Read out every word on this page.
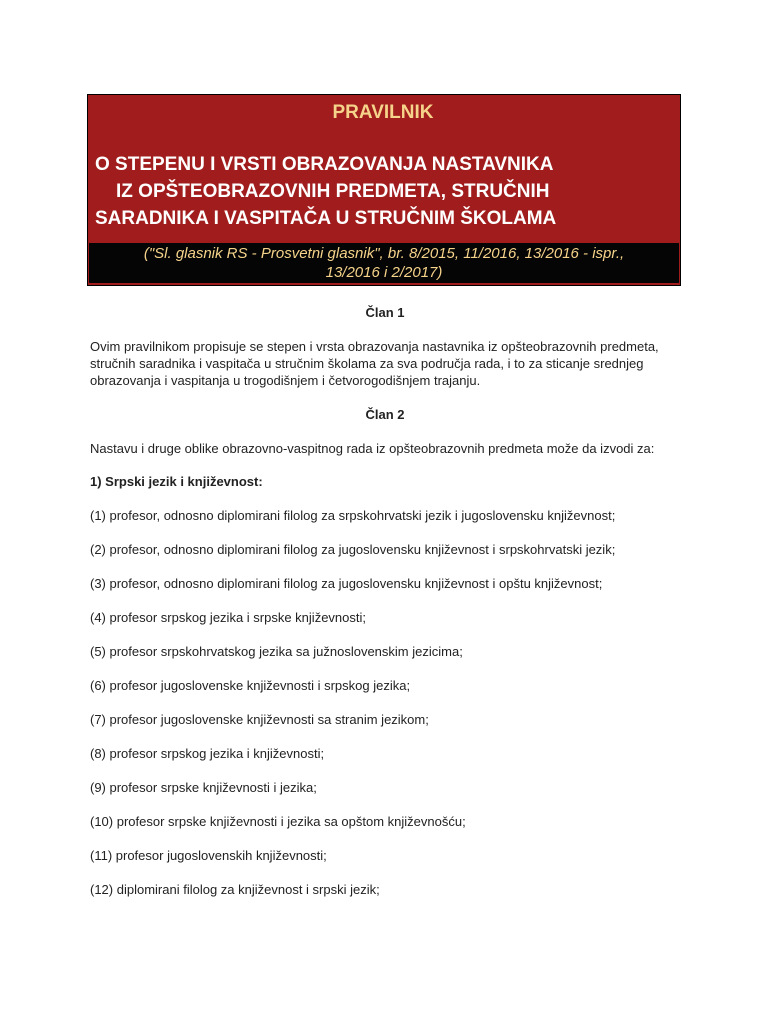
PRAVILNIK

O STEPENU I VRSTI OBRAZOVANJA NASTAVNIKA
IZ OPŠTEOBRAZOVNIH PREDMETA, STRUČNIH
SARADNIKA I VASPITAČA U STRUČNIM ŠKOLAMA

("Sl. glasnik RS - Prosvetni glasnik", br. 8/2015, 11/2016, 13/2016 - ispr.,
13/2016 i 2/2017)

Član 1

Ovim pravilnikom propisuje se stepen i vrsta obrazovanja nastavnika iz opšteobrazovnih predmeta, stručnih saradnika i vaspitača u stručnim školama za sva područja rada, i to za sticanje srednjeg obrazovanja i vaspitanja u trogodišnjem i četvorogodišnjem trajanju.

Član 2

Nastavu i druge oblike obrazovno-vaspitnog rada iz opšteobrazovnih predmeta može da izvodi za:

1) Srpski jezik i književnost:

(1) profesor, odnosno diplomirani filolog za srpskohrvatski jezik i jugoslovensku književnost;

(2) profesor, odnosno diplomirani filolog za jugoslovensku književnost i srpskohrvatski jezik;

(3) profesor, odnosno diplomirani filolog za jugoslovensku književnost i opštu književnost;

(4) profesor srpskog jezika i srpske književnosti;

(5) profesor srpskohrvatskog jezika sa južnoslovenskim jezicima;

(6) profesor jugoslovenske književnosti i srpskog jezika;

(7) profesor jugoslovenske književnosti sa stranim jezikom;

(8) profesor srpskog jezika i književnosti;

(9) profesor srpske književnosti i jezika;

(10) profesor srpske književnosti i jezika sa opštom književnošću;

(11) profesor jugoslovenskih književnosti;

(12) diplomirani filolog za književnost i srpski jezik;
